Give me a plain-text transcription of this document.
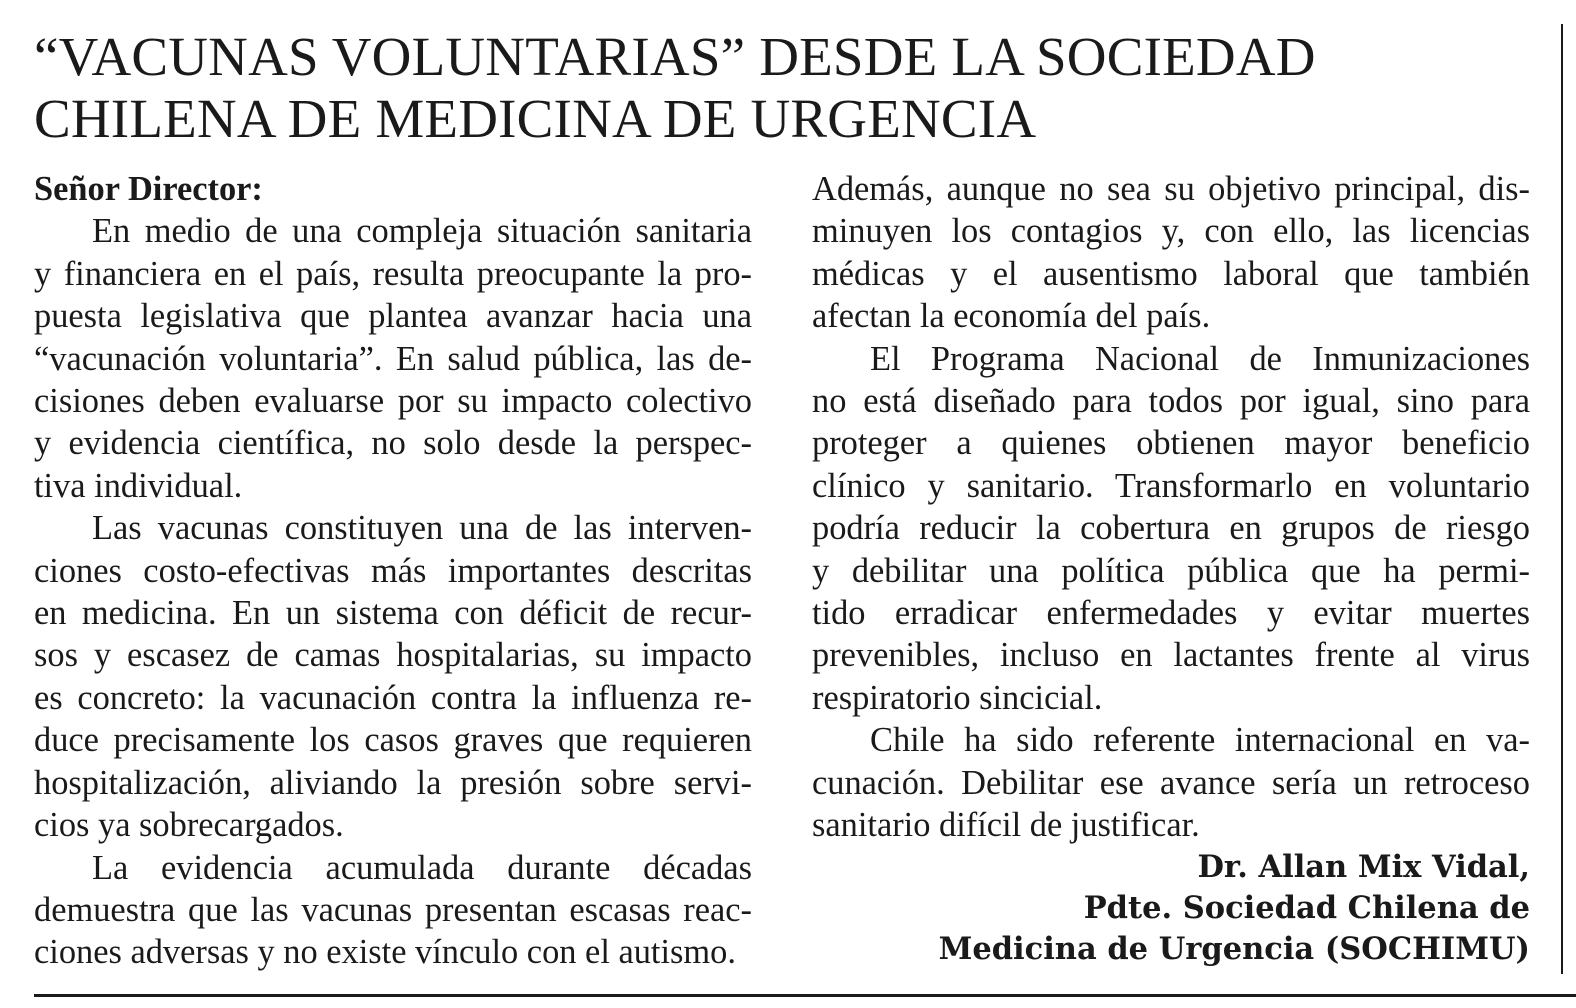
“VACUNAS VOLUNTARIAS” DESDE LA SOCIEDAD
CHILENA DE MEDICINA DE URGENCIA
Señor Director:
En medio de una compleja situación sanitaria
y financiera en el país, resulta preocupante la pro-
puesta legislativa que plantea avanzar hacia una
“vacunación voluntaria”. En salud pública, las de-
cisiones deben evaluarse por su impacto colectivo
y evidencia científica, no solo desde la perspec-
tiva individual.
Las vacunas constituyen una de las interven-
ciones costo-efectivas más importantes descritas
en medicina. En un sistema con déficit de recur-
sos y escasez de camas hospitalarias, su impacto
es concreto: la vacunación contra la influenza re-
duce precisamente los casos graves que requieren
hospitalización, aliviando la presión sobre servi-
cios ya sobrecargados.
La evidencia acumulada durante décadas
demuestra que las vacunas presentan escasas reac-
ciones adversas y no existe vínculo con el autismo.
Además, aunque no sea su objetivo principal, dis-
minuyen los contagios y, con ello, las licencias
médicas y el ausentismo laboral que también
afectan la economía del país.
El Programa Nacional de Inmunizaciones
no está diseñado para todos por igual, sino para
proteger a quienes obtienen mayor beneficio
clínico y sanitario. Transformarlo en voluntario
podría reducir la cobertura en grupos de riesgo
y debilitar una política pública que ha permi-
tido erradicar enfermedades y evitar muertes
prevenibles, incluso en lactantes frente al virus
respiratorio sincicial.
Chile ha sido referente internacional en va-
cunación. Debilitar ese avance sería un retroceso
sanitario difícil de justificar.
Dr. Allan Mix Vidal,
Pdte. Sociedad Chilena de
Medicina de Urgencia (SOCHIMU)
